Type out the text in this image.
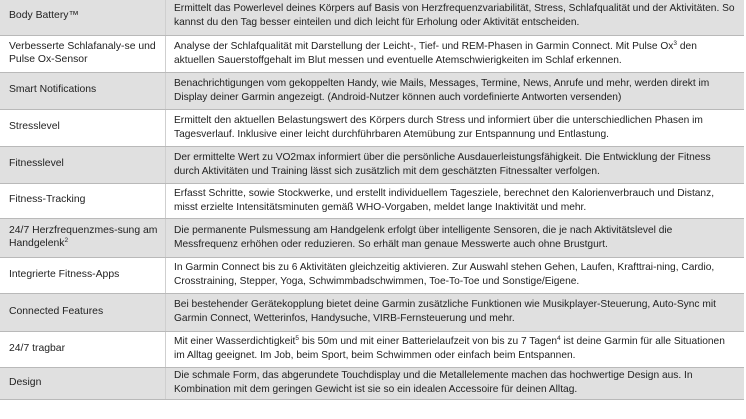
Body Battery™	Ermittelt das Powerlevel deines Körpers auf Basis von Herzfrequenzvariabilität, Stress, Schlafqualität und der Aktivitäten. So kannst du den Tag besser einteilen und dich leicht für Erholung oder Aktivität entscheiden.

Verbesserte Schlafanaly-se und Pulse Ox-Sensor	Analyse der Schlafqualität mit Darstellung der Leicht-, Tief- und REM-Phasen in Garmin Connect. Mit Pulse Ox$^3$ den aktuellen Sauerstoffgehalt im Blut messen und eventuelle Atemschwierigkeiten im Schlaf erkennen.

Smart Notifications	Benachrichtigungen vom gekoppelten Handy, wie Mails, Messages, Termine, News, Anrufe und mehr, werden direkt im Display deiner Garmin angezeigt. (Android-Nutzer können auch vordefinierte Antworten versenden)

Stresslevel	Ermittelt den aktuellen Belastungswert des Körpers durch Stress und informiert über die unterschiedlichen Phasen im Tagesverlauf. Inklusive einer leicht durchführbaren Atemübung zur Entspannung und Entlastung.

Fitnesslevel	Der ermittelte Wert zu VO2max informiert über die persönliche Ausdauerleistungsfähigkeit. Die Entwicklung der Fitness durch Aktivitäten und Training lässt sich zusätzlich mit dem geschätzten Fitnessalter verfolgen.

Fitness-Tracking	Erfasst Schritte, sowie Stockwerke, und erstellt individuellem Tagesziele, berechnet den Kalorienverbrauch und Distanz, misst erzielte Intensitätsminuten gemäß WHO-Vorgaben, meldet lange Inaktivität und mehr.

24/7 Herzfrequenzmes-sung am Handgelenk$^2$	Die permanente Pulsmessung am Handgelenk erfolgt über intelligente Sensoren, die je nach Aktivitätslevel die Messfrequenz erhöhen oder reduzieren. So erhält man genaue Messwerte auch ohne Brustgurt.

Integrierte Fitness-Apps	In Garmin Connect bis zu 6 Aktivitäten gleichzeitig aktivieren. Zur Auswahl stehen Gehen, Laufen, Krafttrai-ning, Cardio, Crosstraining, Stepper, Yoga, Schwimmbadschwimmen, Toe-To-Toe und Sonstige/Eigene.

Connected Features	Bei bestehender Gerätekopplung bietet deine Garmin zusätzliche Funktionen wie Musikplayer-Steuerung, Auto-Sync mit Garmin Connect, Wetterinfos, Handysuche, VIRB-Fernsteuerung und mehr.

24/7 tragbar	Mit einer Wasserdichtigkeit$^5$ bis 50m und mit einer Batterielaufzeit von bis zu 7 Tagen$^4$ ist deine Garmin für alle Situationen im Alltag geeignet. Im Job, beim Sport, beim Schwimmen oder einfach beim Entspannen.

Design	Die schmale Form, das abgerundete Touchdisplay und die Metallelemente machen das hochwertige Design aus. In Kombination mit dem geringen Gewicht ist sie so ein idealen Accessoire für deinen Alltag.
